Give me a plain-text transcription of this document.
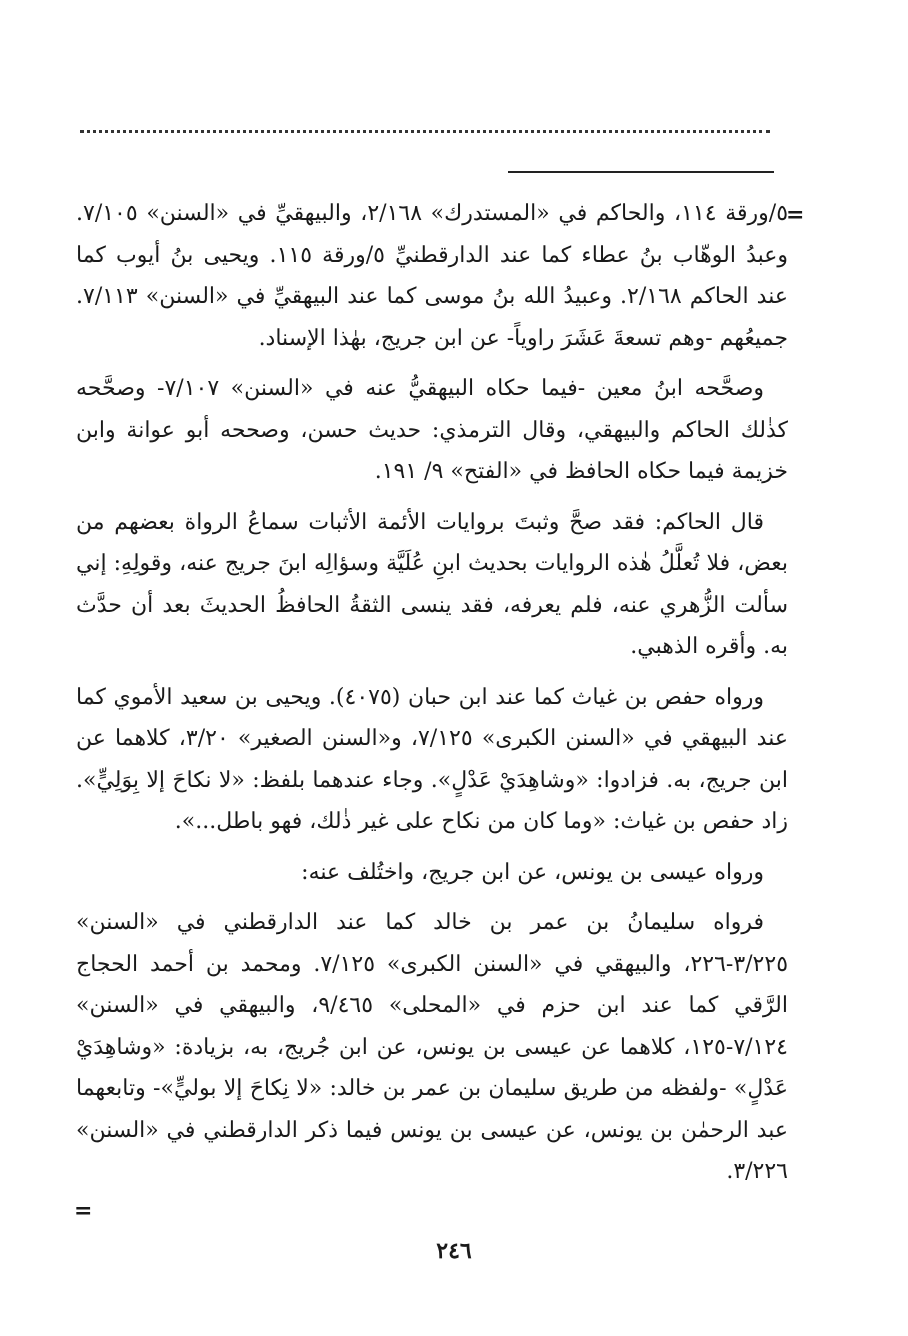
=

٥/ورقة ١١٤، والحاكم في «المستدرك» ٢/١٦٨، والبيهقيِّ في «السنن» ٧/١٠٥. وعبدُ الوهّاب بنُ عطاء كما عند الدارقطنيِّ ٥/ورقة ١١٥. ويحيى بنُ أيوب كما عند الحاكم ٢/١٦٨. وعبيدُ الله بنُ موسى كما عند البيهقيِّ في «السنن» ٧/١١٣. جميعُهم -وهم تسعةَ عَشَرَ راوياً- عن ابن جريج، بهٰذا الإسناد.

وصحَّحه ابنُ معين -فيما حكاه البيهقيُّ عنه في «السنن» ٧/١٠٧- وصحَّحه كذٰلك الحاكم والبيهقي، وقال الترمذي: حديث حسن، وصححه أبو عوانة وابن خزيمة فيما حكاه الحافظ في «الفتح» ٩/ ١٩١.

قال الحاكم: فقد صحَّ وثبتَ بروايات الأئمة الأثبات سماعُ الرواة بعضهم من بعض، فلا تُعلَّلُ هٰذه الروايات بحديث ابنِ عُلَيَّة وسؤالِه ابنَ جريج عنه، وقولِهِ: إني سألت الزُّهري عنه، فلم يعرفه، فقد ينسى الثقةُ الحافظُ الحديثَ بعد أن حدَّث به. وأقره الذهبي.

ورواه حفص بن غياث كما عند ابن حبان (٤٠٧٥). ويحيى بن سعيد الأموي كما عند البيهقي في «السنن الكبرى» ٧/١٢٥، و«السنن الصغير» ٣/٢٠، كلاهما عن ابن جريج، به. فزادوا: «وشاهِدَيْ عَدْلٍ». وجاء عندهما بلفظ: «لا نكاحَ إلا بِوَلِيٍّ». زاد حفص بن غياث: «وما كان من نكاح على غير ذٰلك، فهو باطل...».

ورواه عيسى بن يونس، عن ابن جريج، واختُلف عنه:

فرواه سليمانُ بن عمر بن خالد كما عند الدارقطني في «السنن» ٣/٢٢٥-٢٢٦، والبيهقي في «السنن الكبرى» ٧/١٢٥. ومحمد بن أحمد الحجاج الرَّقي كما عند ابن حزم في «المحلى» ٩/٤٦٥، والبيهقي في «السنن» ٧/١٢٤-١٢٥، كلاهما عن عيسى بن يونس، عن ابن جُريج، به، بزيادة: «وشاهِدَيْ عَدْلٍ» -ولفظه من طريق سليمان بن عمر بن خالد: «لا نِكاحَ إلا بوليٍّ»- وتابعهما عبد الرحمٰن بن يونس، عن عيسى بن يونس فيما ذكر الدارقطني في «السنن» ٣/٢٢٦.

=
٢٤٦
